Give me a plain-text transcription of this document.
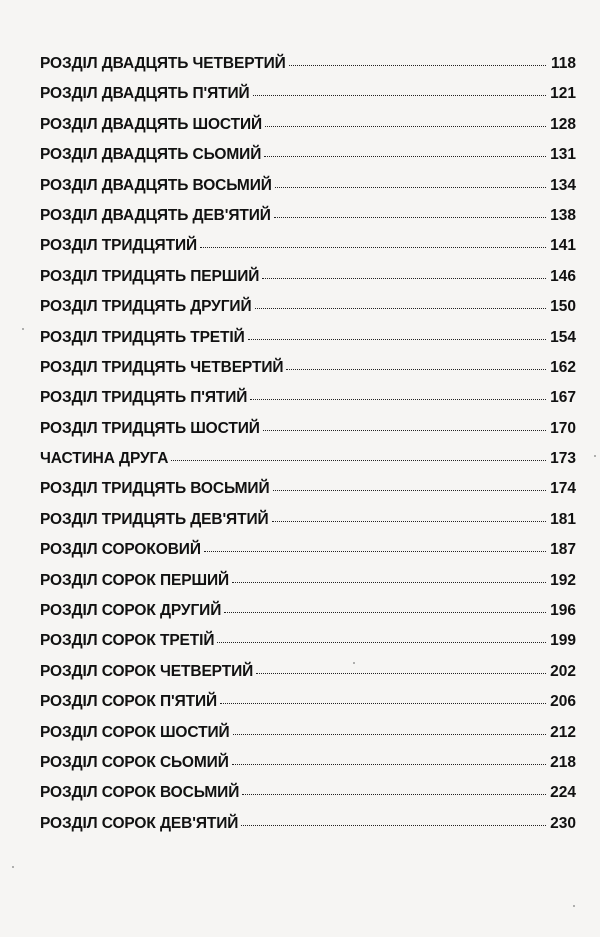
РОЗДІЛ ДВАДЦЯТЬ ЧЕТВЕРТИЙ	118
РОЗДІЛ ДВАДЦЯТЬ П'ЯТИЙ	121
РОЗДІЛ ДВАДЦЯТЬ ШОСТИЙ	128
РОЗДІЛ ДВАДЦЯТЬ СЬОМИЙ	131
РОЗДІЛ ДВАДЦЯТЬ ВОСЬМИЙ	134
РОЗДІЛ ДВАДЦЯТЬ ДЕВ'ЯТИЙ	138
РОЗДІЛ ТРИДЦЯТИЙ	141
РОЗДІЛ ТРИДЦЯТЬ ПЕРШИЙ	146
РОЗДІЛ ТРИДЦЯТЬ ДРУГИЙ	150
РОЗДІЛ ТРИДЦЯТЬ ТРЕТІЙ	154
РОЗДІЛ ТРИДЦЯТЬ ЧЕТВЕРТИЙ	162
РОЗДІЛ ТРИДЦЯТЬ П'ЯТИЙ	167
РОЗДІЛ ТРИДЦЯТЬ ШОСТИЙ	170
ЧАСТИНА ДРУГА	173
РОЗДІЛ ТРИДЦЯТЬ ВОСЬМИЙ	174
РОЗДІЛ ТРИДЦЯТЬ ДЕВ'ЯТИЙ	181
РОЗДІЛ СОРОКОВИЙ	187
РОЗДІЛ СОРОК ПЕРШИЙ	192
РОЗДІЛ СОРОК ДРУГИЙ	196
РОЗДІЛ СОРОК ТРЕТІЙ	199
РОЗДІЛ СОРОК ЧЕТВЕРТИЙ	202
РОЗДІЛ СОРОК П'ЯТИЙ	206
РОЗДІЛ СОРОК ШОСТИЙ	212
РОЗДІЛ СОРОК СЬОМИЙ	218
РОЗДІЛ СОРОК ВОСЬМИЙ	224
РОЗДІЛ СОРОК ДЕВ'ЯТИЙ	230
